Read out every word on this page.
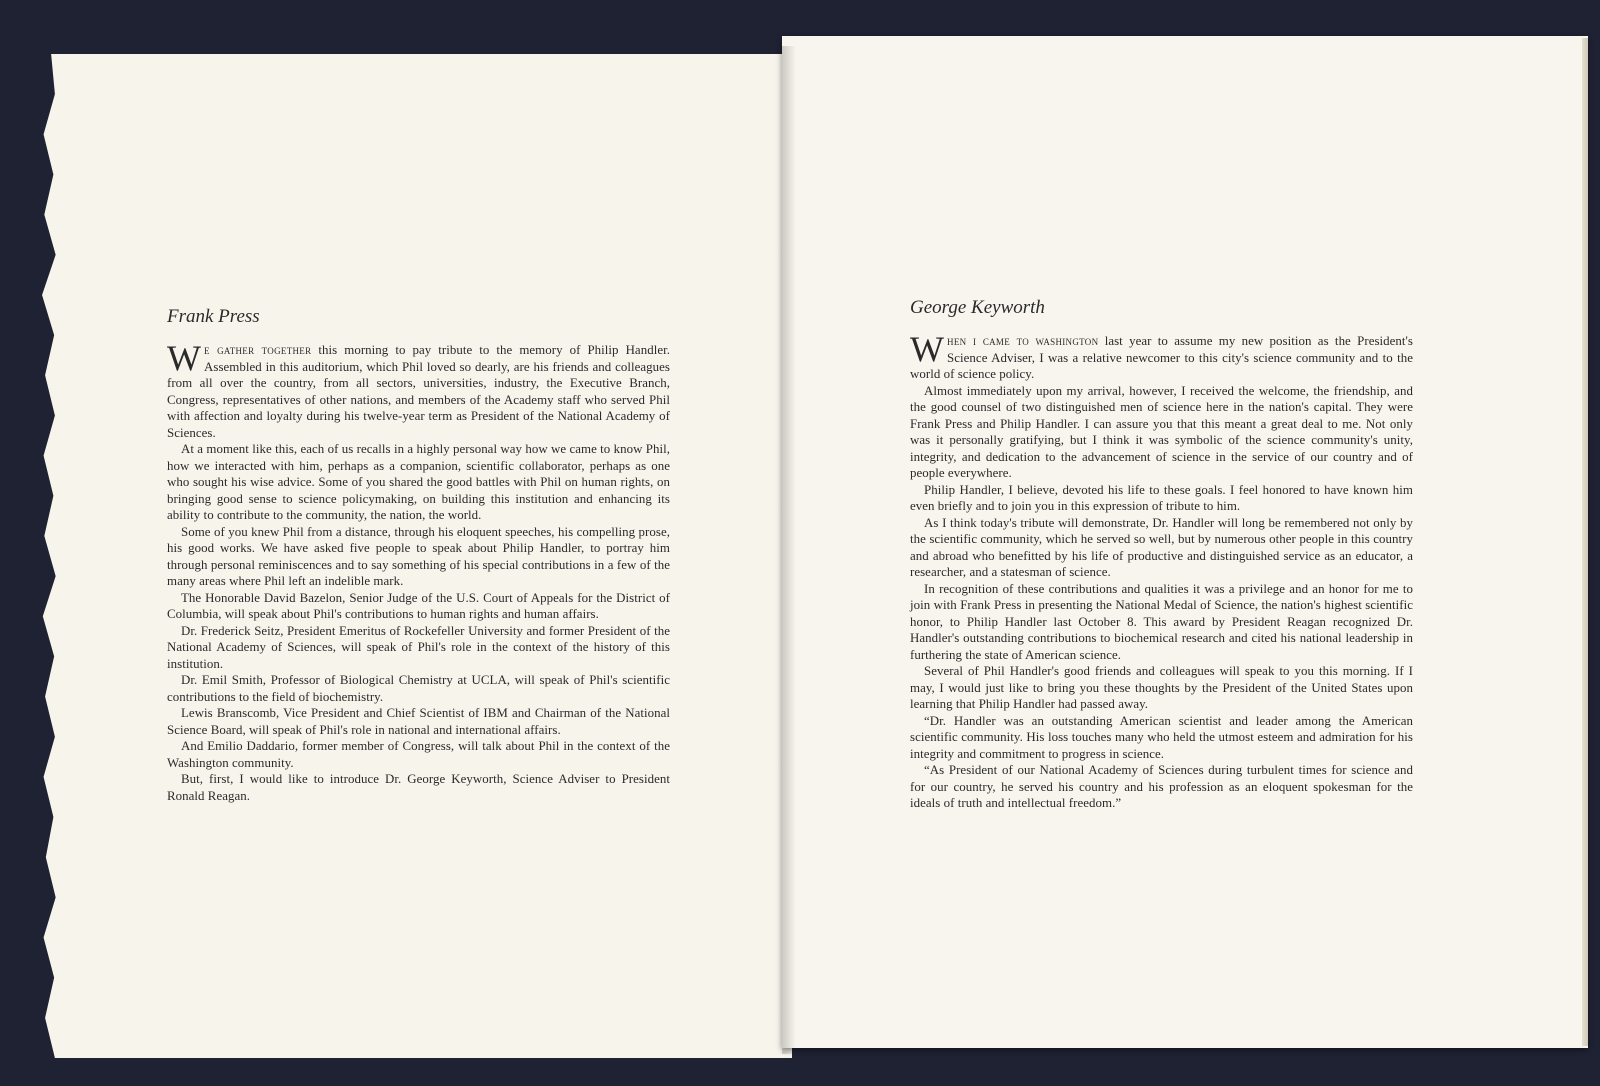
Frank Press

W e gather together this morning to pay tribute to the memory of Philip Handler. Assembled in this auditorium, which Phil loved so dearly, are his friends and colleagues from all over the country, from all sectors, universities, industry, the Executive Branch, Congress, representatives of other nations, and members of the Academy staff who served Phil with affection and loyalty during his twelve-year term as President of the National Academy of Sciences.

At a moment like this, each of us recalls in a highly personal way how we came to know Phil, how we interacted with him, perhaps as a companion, scientific collaborator, perhaps as one who sought his wise advice. Some of you shared the good battles with Phil on human rights, on bringing good sense to science policymaking, on building this institution and enhancing its ability to contribute to the community, the nation, the world.

Some of you knew Phil from a distance, through his eloquent speeches, his compelling prose, his good works. We have asked five people to speak about Philip Handler, to portray him through personal reminiscences and to say something of his special contributions in a few of the many areas where Phil left an indelible mark.

The Honorable David Bazelon, Senior Judge of the U.S. Court of Appeals for the District of Columbia, will speak about Phil's contributions to human rights and human affairs.

Dr. Frederick Seitz, President Emeritus of Rockefeller University and former President of the National Academy of Sciences, will speak of Phil's role in the context of the history of this institution.

Dr. Emil Smith, Professor of Biological Chemistry at UCLA, will speak of Phil's scientific contributions to the field of biochemistry.

Lewis Branscomb, Vice President and Chief Scientist of IBM and Chairman of the National Science Board, will speak of Phil's role in national and international affairs.

And Emilio Daddario, former member of Congress, will talk about Phil in the context of the Washington community.

But, first, I would like to introduce Dr. George Keyworth, Science Adviser to President Ronald Reagan.

George Keyworth

When i came to washington last year to assume my new position as the President's Science Adviser, I was a relative newcomer to this city's science community and to the world of science policy.

Almost immediately upon my arrival, however, I received the welcome, the friendship, and the good counsel of two distinguished men of science here in the nation's capital. They were Frank Press and Philip Handler. I can assure you that this meant a great deal to me. Not only was it personally gratifying, but I think it was symbolic of the science community's unity, integrity, and dedication to the advancement of science in the service of our country and of people everywhere.

Philip Handler, I believe, devoted his life to these goals. I feel honored to have known him even briefly and to join you in this expression of tribute to him.

As I think today's tribute will demonstrate, Dr. Handler will long be remembered not only by the scientific community, which he served so well, but by numerous other people in this country and abroad who benefitted by his life of productive and distinguished service as an educator, a researcher, and a statesman of science.

In recognition of these contributions and qualities it was a privilege and an honor for me to join with Frank Press in presenting the National Medal of Science, the nation's highest scientific honor, to Philip Handler last October 8. This award by President Reagan recognized Dr. Handler's outstanding contributions to biochemical research and cited his national leadership in furthering the state of American science.

Several of Phil Handler's good friends and colleagues will speak to you this morning. If I may, I would just like to bring you these thoughts by the President of the United States upon learning that Philip Handler had passed away.

“Dr. Handler was an outstanding American scientist and leader among the American scientific community. His loss touches many who held the utmost esteem and admiration for his integrity and commitment to progress in science.

“As President of our National Academy of Sciences during turbulent times for science and for our country, he served his country and his profession as an eloquent spokesman for the ideals of truth and intellectual freedom.”
